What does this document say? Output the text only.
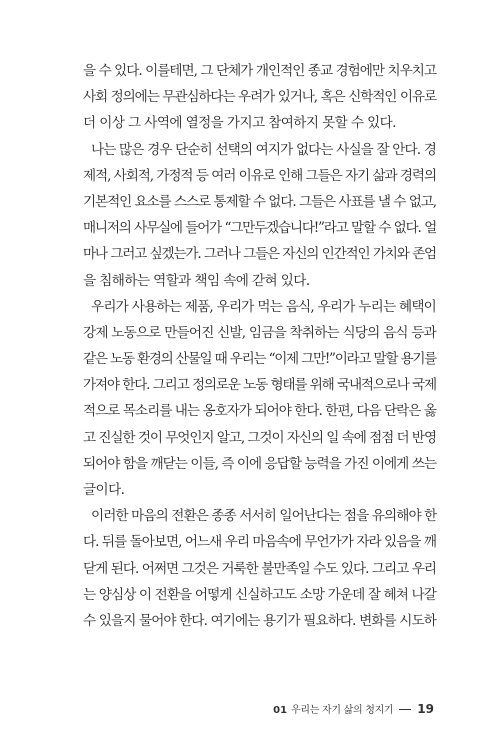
을 수 있다. 이를테면, 그 단체가 개인적인 종교 경험에만 치우치고
사회 정의에는 무관심하다는 우려가 있거나, 혹은 신학적인 이유로
더 이상 그 사역에 열정을 가지고 참여하지 못할 수 있다.
나는 많은 경우 단순히 선택의 여지가 없다는 사실을 잘 안다. 경
제적, 사회적, 가정적 등 여러 이유로 인해 그들은 자기 삶과 경력의
기본적인 요소를 스스로 통제할 수 없다. 그들은 사표를 낼 수 없고,
매니저의 사무실에 들어가 “그만두겠습니다!”라고 말할 수 없다. 얼
마나 그러고 싶겠는가. 그러나 그들은 자신의 인간적인 가치와 존엄
을 침해하는 역할과 책임 속에 갇혀 있다.
우리가 사용하는 제품, 우리가 먹는 음식, 우리가 누리는 혜택이
강제 노동으로 만들어진 신발, 임금을 착취하는 식당의 음식 등과
같은 노동 환경의 산물일 때 우리는 “이제 그만!”이라고 말할 용기를
가져야 한다. 그리고 정의로운 노동 형태를 위해 국내적으로나 국제
적으로 목소리를 내는 옹호자가 되어야 한다. 한편, 다음 단락은 옳
고 진실한 것이 무엇인지 알고, 그것이 자신의 일 속에 점점 더 반영
되어야 함을 깨닫는 이들, 즉 이에 응답할 능력을 가진 이에게 쓰는
글이다.
이러한 마음의 전환은 종종 서서히 일어난다는 점을 유의해야 한
다. 뒤를 돌아보면, 어느새 우리 마음속에 무언가가 자라 있음을 깨
닫게 된다. 어쩌면 그것은 거룩한 불만족일 수도 있다. 그리고 우리
는 양심상 이 전환을 어떻게 신실하고도 소망 가운데 잘 헤쳐 나갈
수 있을지 물어야 한다. 여기에는 용기가 필요하다. 변화를 시도하
01 우리는 자기 삶의 청지기 19
